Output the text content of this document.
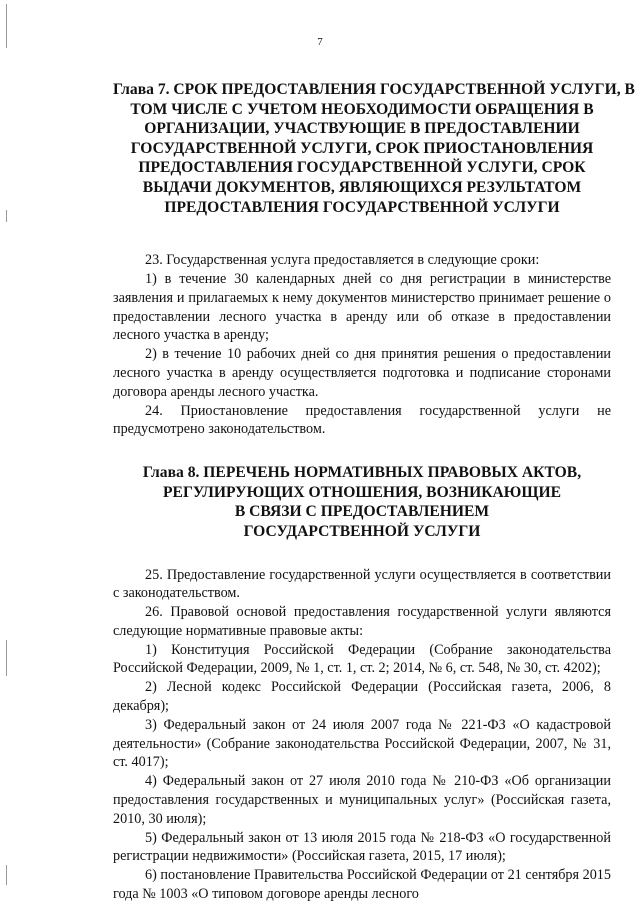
7
Глава 7. СРОК ПРЕДОСТАВЛЕНИЯ ГОСУДАРСТВЕННОЙ УСЛУГИ, В
ТОМ ЧИСЛЕ С УЧЕТОМ НЕОБХОДИМОСТИ ОБРАЩЕНИЯ В
ОРГАНИЗАЦИИ, УЧАСТВУЮЩИЕ В ПРЕДОСТАВЛЕНИИ
ГОСУДАРСТВЕННОЙ УСЛУГИ, СРОК ПРИОСТАНОВЛЕНИЯ
ПРЕДОСТАВЛЕНИЯ ГОСУДАРСТВЕННОЙ УСЛУГИ, СРОК
ВЫДАЧИ ДОКУМЕНТОВ, ЯВЛЯЮЩИХСЯ РЕЗУЛЬТАТОМ
ПРЕДОСТАВЛЕНИЯ ГОСУДАРСТВЕННОЙ УСЛУГИ

23. Государственная услуга предоставляется в следующие сроки:

1) в течение 30 календарных дней со дня регистрации в министерстве заявления и прилагаемых к нему документов министерство принимает решение о предоставлении лесного участка в аренду или об отказе в предоставлении лесного участка в аренду;

2) в течение 10 рабочих дней со дня принятия решения о предоставлении лесного участка в аренду осуществляется подготовка и подписание сторонами договора аренды лесного участка.

24. Приостановление предоставления государственной услуги не предусмотрено законодательством.

Глава 8. ПЕРЕЧЕНЬ НОРМАТИВНЫХ ПРАВОВЫХ АКТОВ,
РЕГУЛИРУЮЩИХ ОТНОШЕНИЯ, ВОЗНИКАЮЩИЕ
В СВЯЗИ С ПРЕДОСТАВЛЕНИЕМ
ГОСУДАРСТВЕННОЙ УСЛУГИ

25. Предоставление государственной услуги осуществляется в соответствии с законодательством.

26. Правовой основой предоставления государственной услуги являются следующие нормативные правовые акты:

1) Конституция Российской Федерации (Собрание законодательства Российской Федерации, 2009, № 1, ст. 1, ст. 2; 2014, № 6, ст. 548, № 30, ст. 4202);

2) Лесной кодекс Российской Федерации (Российская газета, 2006, 8 декабря);

3) Федеральный закон от 24 июля 2007 года № 221-ФЗ «О кадастровой деятельности» (Собрание законодательства Российской Федерации, 2007, № 31, ст. 4017);

4) Федеральный закон от 27 июля 2010 года № 210-ФЗ «Об организации предоставления государственных и муниципальных услуг» (Российская газета, 2010, 30 июля);

5) Федеральный закон от 13 июля 2015 года № 218-ФЗ «О государственной регистрации недвижимости» (Российская газета, 2015, 17 июля);

6) постановление Правительства Российской Федерации от 21 сентября 2015 года № 1003 «О типовом договоре аренды лесного
